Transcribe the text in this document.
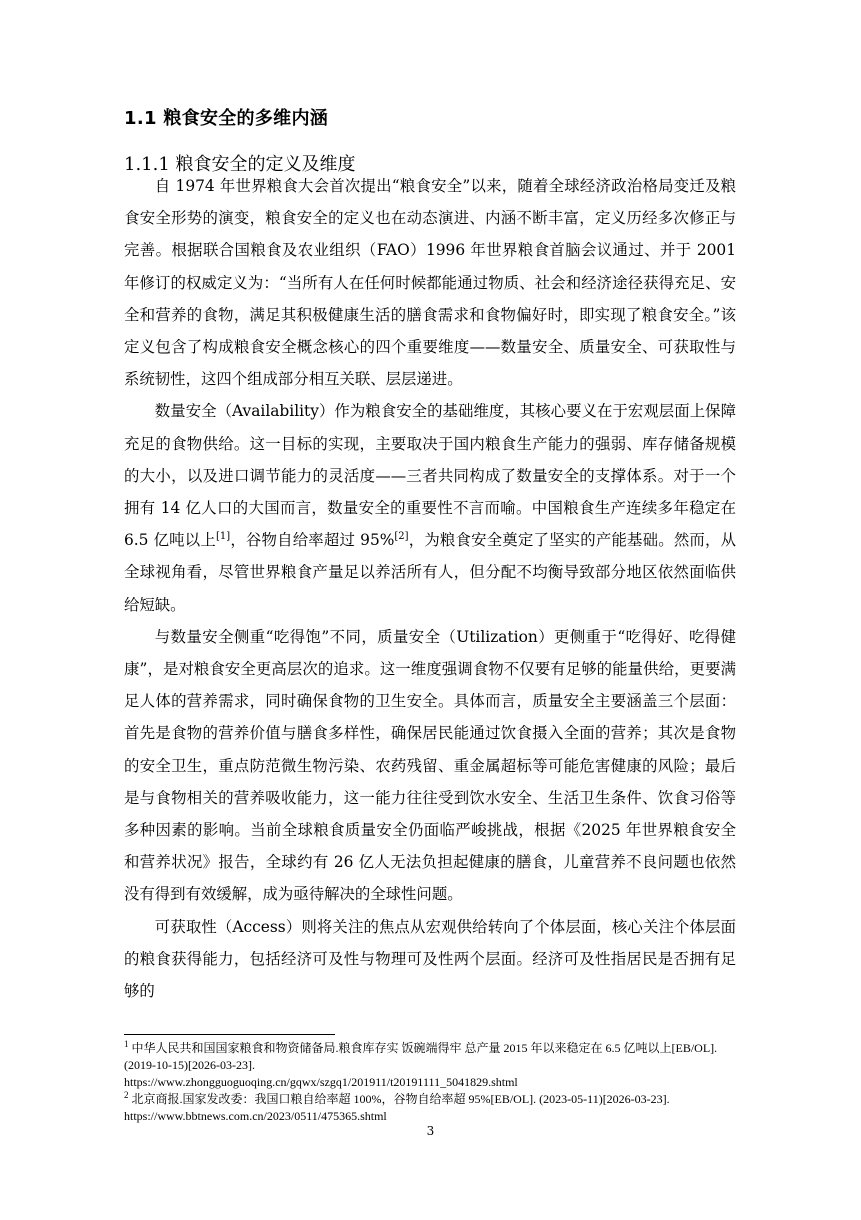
1.1 粮食安全的多维内涵
1.1.1 粮食安全的定义及维度

自 1974 年世界粮食大会首次提出“粮食安全”以来，随着全球经济政治格局变迁及粮食安全形势的演变，粮食安全的定义也在动态演进、内涵不断丰富，定义历经多次修正与完善。根据联合国粮食及农业组织（FAO）1996 年世界粮食首脑会议通过、并于 2001 年修订的权威定义为：“当所有人在任何时候都能通过物质、社会和经济途径获得充足、安全和营养的食物，满足其积极健康生活的膳食需求和食物偏好时，即实现了粮食安全。”该定义包含了构成粮食安全概念核心的四个重要维度——数量安全、质量安全、可获取性与系统韧性，这四个组成部分相互关联、层层递进。

数量安全（Availability）作为粮食安全的基础维度，其核心要义在于宏观层面上保障充足的食物供给。这一目标的实现，主要取决于国内粮食生产能力的强弱、库存储备规模的大小，以及进口调节能力的灵活度——三者共同构成了数量安全的支撑体系。对于一个拥有 14 亿人口的大国而言，数量安全的重要性不言而喻。中国粮食生产连续多年稳定在 6.5 亿吨以上[1]，谷物自给率超过 95%[2]，为粮食安全奠定了坚实的产能基础。然而，从全球视角看，尽管世界粮食产量足以养活所有人，但分配不均衡导致部分地区依然面临供给短缺。

与数量安全侧重“吃得饱”不同，质量安全（Utilization）更侧重于“吃得好、吃得健康”，是对粮食安全更高层次的追求。这一维度强调食物不仅要有足够的能量供给，更要满足人体的营养需求，同时确保食物的卫生安全。具体而言，质量安全主要涵盖三个层面：首先是食物的营养价值与膳食多样性，确保居民能通过饮食摄入全面的营养；其次是食物的安全卫生，重点防范微生物污染、农药残留、重金属超标等可能危害健康的风险；最后是与食物相关的营养吸收能力，这一能力往往受到饮水安全、生活卫生条件、饮食习俗等多种因素的影响。当前全球粮食质量安全仍面临严峻挑战，根据《2025 年世界粮食安全和营养状况》报告，全球约有 26 亿人无法负担起健康的膳食，儿童营养不良问题也依然没有得到有效缓解，成为亟待解决的全球性问题。

可获取性（Access）则将关注的焦点从宏观供给转向了个体层面，核心关注个体层面的粮食获得能力，包括经济可及性与物理可及性两个层面。经济可及性指居民是否拥有足够的

$^1$ 中华人民共和国国家粮食和物资储备局.粮食库存实 饭碗端得牢 总产量 2015 年以来稳定在 6.5 亿吨以上[EB/OL]. (2019-10-15)[2026-03-23].
https://www.zhongguoguoqing.cn/gqwx/szgq1/201911/t20191111_5041829.shtml
$^2$ 北京商报.国家发改委：我国口粮自给率超 100%，谷物自给率超 95%[EB/OL]. (2023-05-11)[2026-03-23].
https://www.bbtnews.com.cn/2023/0511/475365.shtml
3
